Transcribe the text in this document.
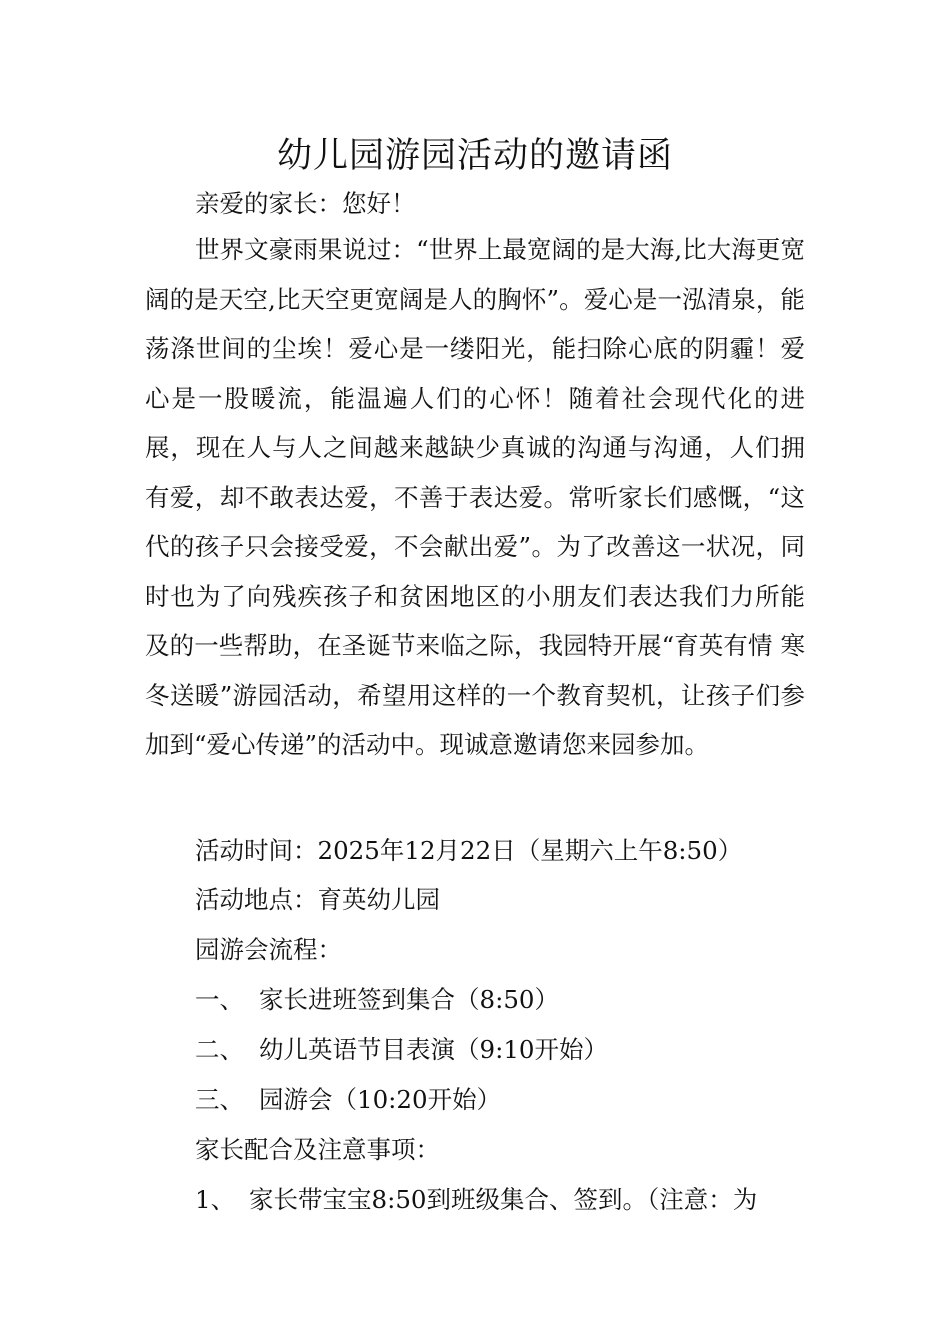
幼儿园游园活动的邀请函
亲爱的家长：您好！
世界文豪雨果说过：“世界上最宽阔的是大海,比大海更宽阔的是天空,比天空更宽阔是人的胸怀”。爱心是一泓清泉，能荡涤世间的尘埃！爱心是一缕阳光，能扫除心底的阴霾！爱心是一股暖流，能温遍人们的心怀！随着社会现代化的进展，现在人与人之间越来越缺少真诚的沟通与沟通，人们拥有爱，却不敢表达爱，不善于表达爱。常听家长们感慨，“这代的孩子只会接受爱，不会献出爱”。为了改善这一状况，同时也为了向残疾孩子和贫困地区的小朋友们表达我们力所能及的一些帮助，在圣诞节来临之际，我园特开展“育英有情 寒冬送暖”游园活动，希望用这样的一个教育契机，让孩子们参加到“爱心传递”的活动中。现诚意邀请您来园参加。
活动时间：2025年12月22日（星期六上午8:50）
活动地点：育英幼儿园
园游会流程：
一、 家长进班签到集合（8:50）
二、 幼儿英语节目表演（9:10开始）
三、 园游会（10:20开始）
家长配合及注意事项：
1、 家长带宝宝8:50到班级集合、签到。（注意：为
